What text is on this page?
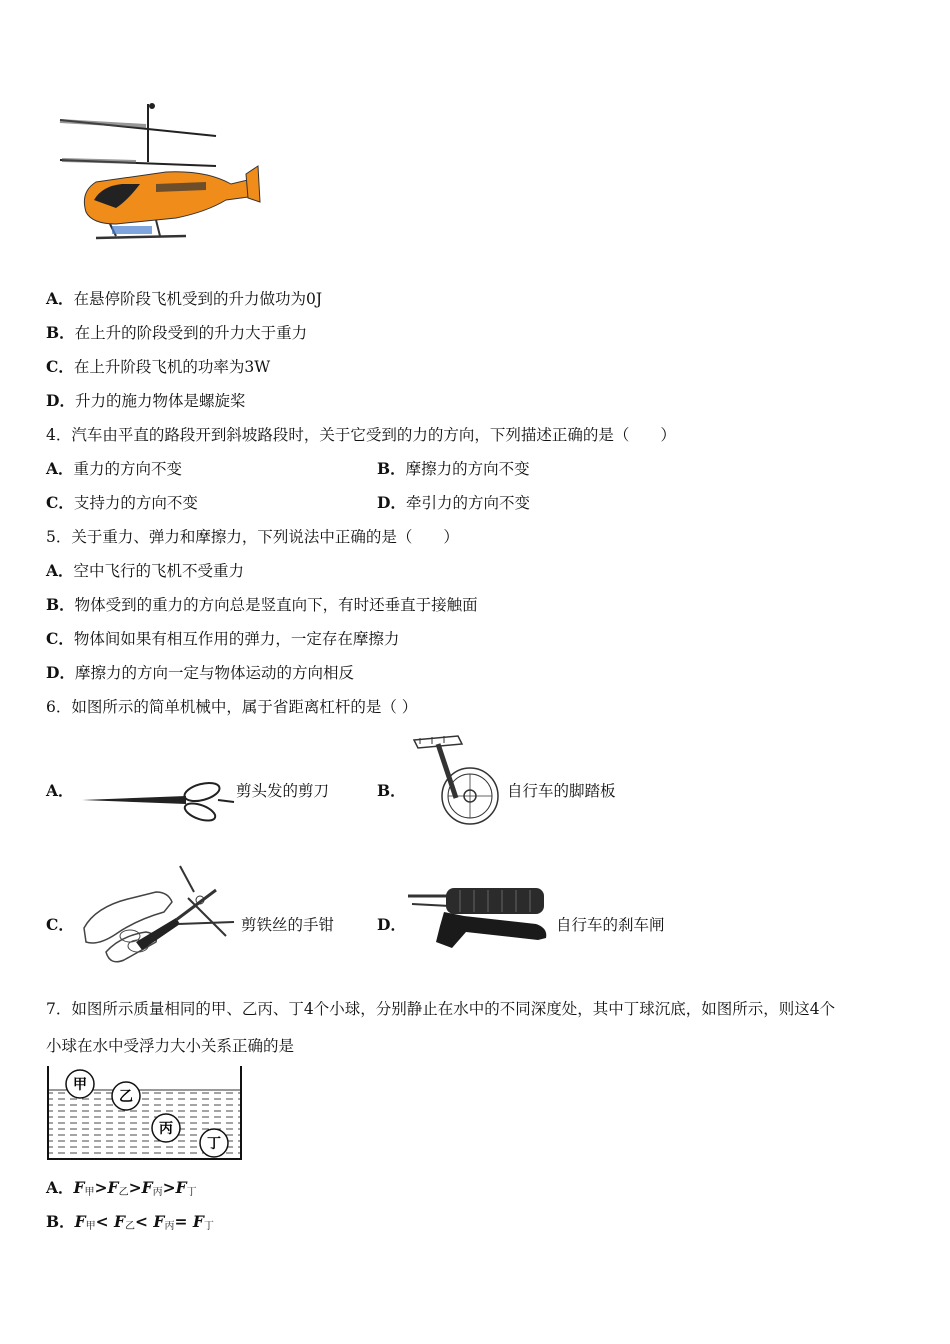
A．在悬停阶段飞机受到的升力做功为0J
B．在上升的阶段受到的升力大于重力
C．在上升阶段飞机的功率为3W
D．升力的施力物体是螺旋桨
4．汽车由平直的路段开到斜坡路段时，关于它受到的力的方向，下列描述正确的是（　　）
A．重力的方向不变	B．摩擦力的方向不变
C．支持力的方向不变	D．牵引力的方向不变
5．关于重力、弹力和摩擦力，下列说法中正确的是（　　）
A．空中飞行的飞机不受重力
B．物体受到的重力的方向总是竖直向下，有时还垂直于接触面
C．物体间如果有相互作用的弹力，一定存在摩擦力
D．摩擦力的方向一定与物体运动的方向相反
6．如图所示的简单机械中，属于省距离杠杆的是（ ）
A．	剪头发的剪刀	B．	自行车的脚踏板
C．	剪铁丝的手钳	D．	自行车的刹车闸
7．如图所示质量相同的甲、乙丙、丁4个小球，分别静止在水中的不同深度处，其中丁球沉底，如图所示，则这4个
小球在水中受浮力大小关系正确的是
甲
乙
丙
丁
A．F甲>F乙>F丙>F丁
B．F甲< F乙< F丙= F丁
